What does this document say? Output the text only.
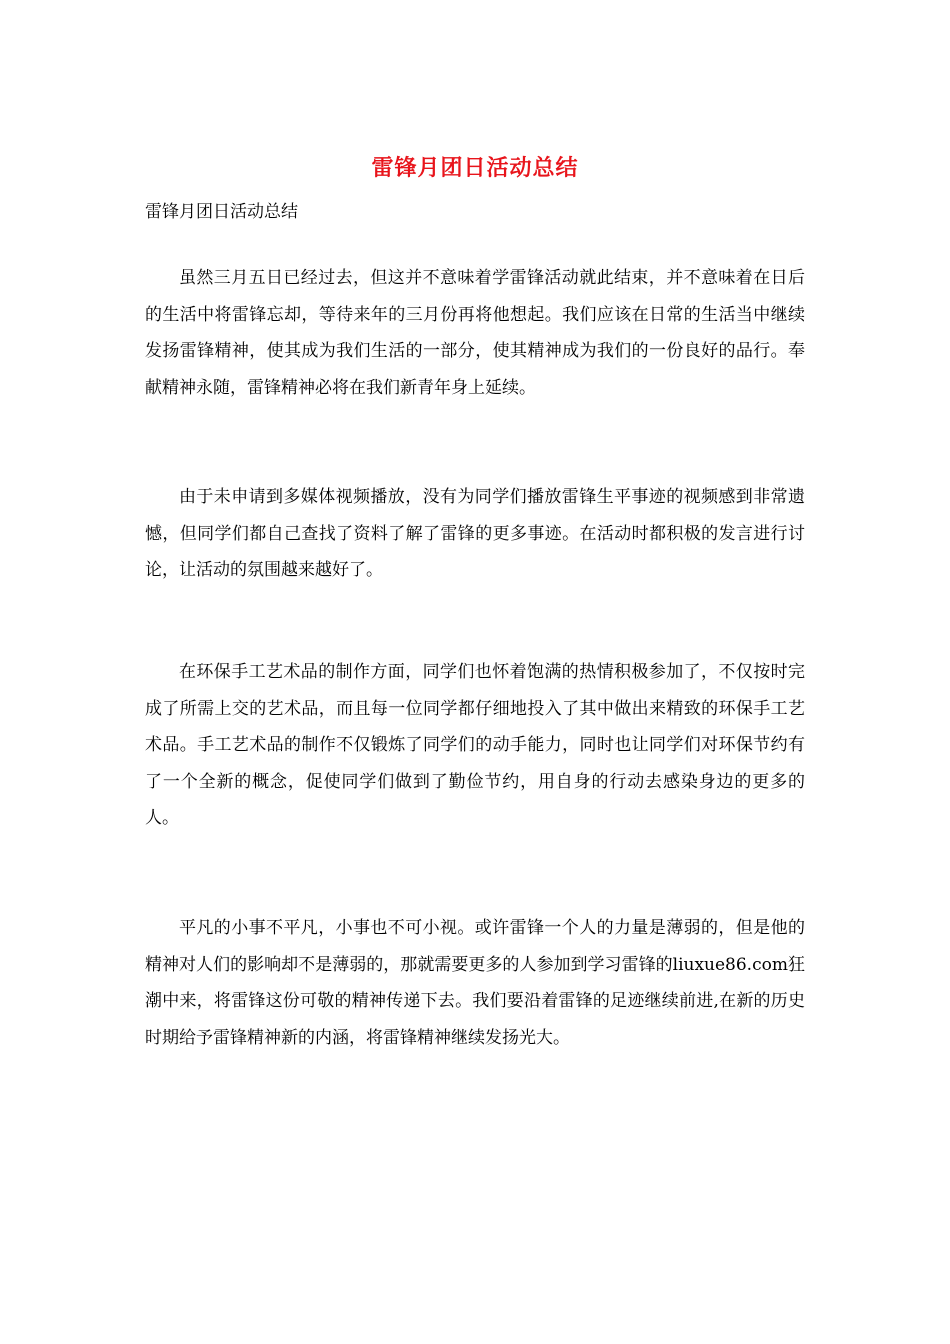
雷锋月团日活动总结
雷锋月团日活动总结

虽然三月五日已经过去，但这并不意味着学雷锋活动就此结束，并不意味着在日后的生活中将雷锋忘却，等待来年的三月份再将他想起。我们应该在日常的生活当中继续发扬雷锋精神，使其成为我们生活的一部分，使其精神成为我们的一份良好的品行。奉献精神永随，雷锋精神必将在我们新青年身上延续。

由于未申请到多媒体视频播放，没有为同学们播放雷锋生平事迹的视频感到非常遗憾，但同学们都自己查找了资料了解了雷锋的更多事迹。在活动时都积极的发言进行讨论，让活动的氛围越来越好了。

在环保手工艺术品的制作方面，同学们也怀着饱满的热情积极参加了，不仅按时完成了所需上交的艺术品，而且每一位同学都仔细地投入了其中做出来精致的环保手工艺术品。手工艺术品的制作不仅锻炼了同学们的动手能力，同时也让同学们对环保节约有了一个全新的概念，促使同学们做到了勤俭节约，用自身的行动去感染身边的更多的人。

平凡的小事不平凡，小事也不可小视。或许雷锋一个人的力量是薄弱的，但是他的精神对人们的影响却不是薄弱的，那就需要更多的人参加到学习雷锋的liuxue86.com狂潮中来，将雷锋这份可敬的精神传递下去。我们要沿着雷锋的足迹继续前进,在新的历史时期给予雷锋精神新的内涵，将雷锋精神继续发扬光大。
